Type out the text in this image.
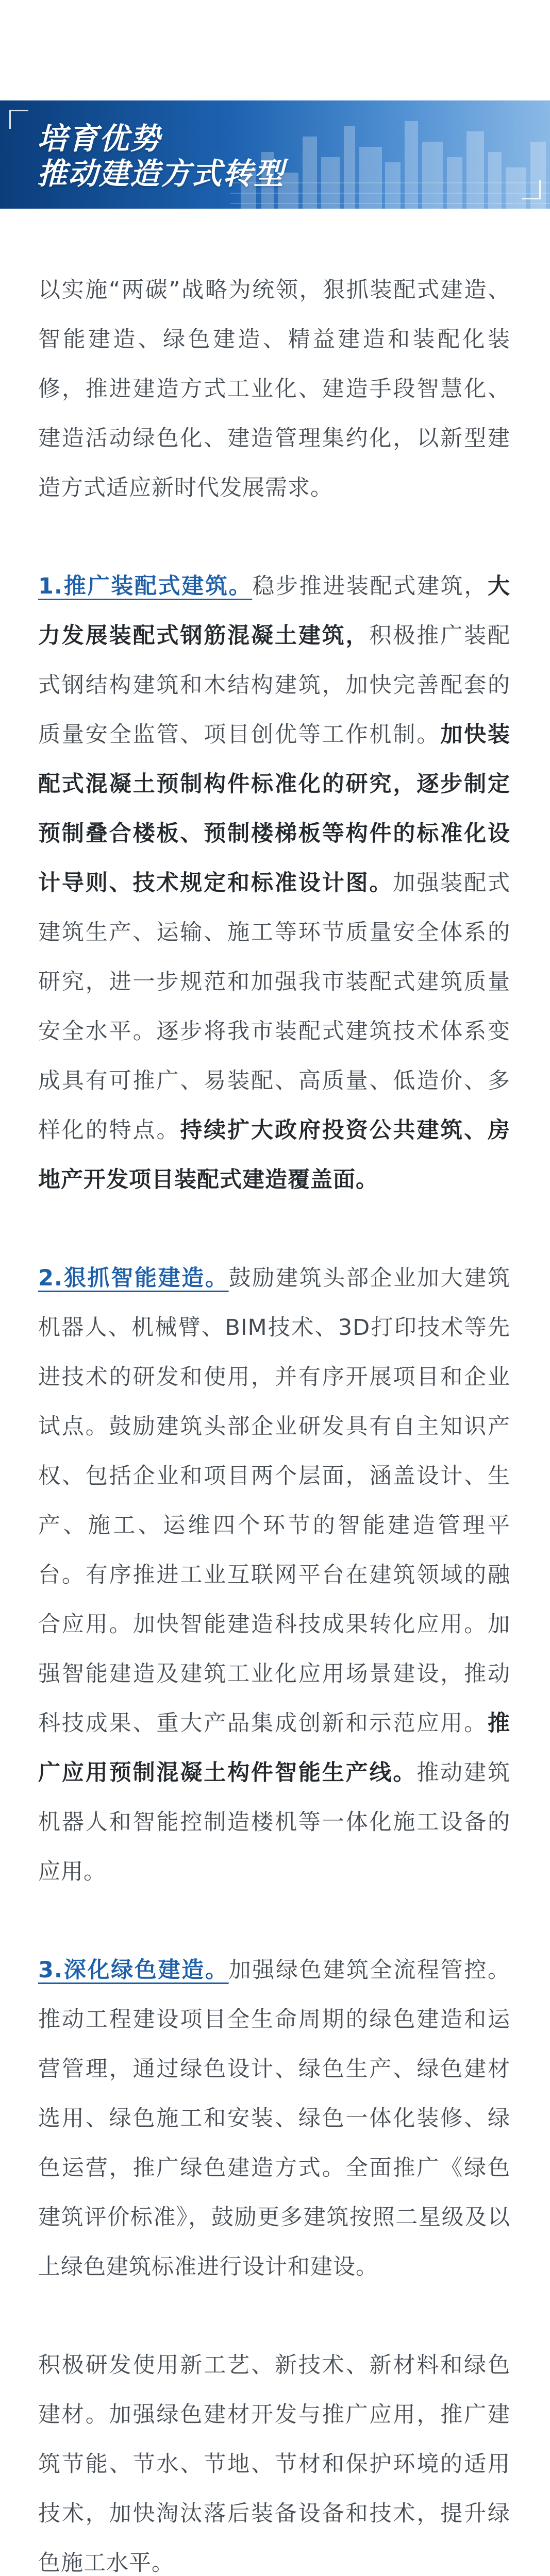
培育优势
推动建造方式转型

以实施“两碳”战略为统领，狠抓装配式建造、智能建造、绿色建造、精益建造和装配化装修，推进建造方式工业化、建造手段智慧化、建造活动绿色化、建造管理集约化，以新型建造方式适应新时代发展需求。

1.推广装配式建筑。稳步推进装配式建筑，大力发展装配式钢筋混凝土建筑，积极推广装配式钢结构建筑和木结构建筑，加快完善配套的质量安全监管、项目创优等工作机制。加快装配式混凝土预制构件标准化的研究，逐步制定预制叠合楼板、预制楼梯板等构件的标准化设计导则、技术规定和标准设计图。加强装配式建筑生产、运输、施工等环节质量安全体系的研究，进一步规范和加强我市装配式建筑质量安全水平。逐步将我市装配式建筑技术体系变成具有可推广、易装配、高质量、低造价、多样化的特点。持续扩大政府投资公共建筑、房地产开发项目装配式建造覆盖面。

2.狠抓智能建造。鼓励建筑头部企业加大建筑机器人、机械臂、BIM技术、3D打印技术等先进技术的研发和使用，并有序开展项目和企业试点。鼓励建筑头部企业研发具有自主知识产权、包括企业和项目两个层面，涵盖设计、生产、施工、运维四个环节的智能建造管理平台。有序推进工业互联网平台在建筑领域的融合应用。加快智能建造科技成果转化应用。加强智能建造及建筑工业化应用场景建设，推动科技成果、重大产品集成创新和示范应用。推广应用预制混凝土构件智能生产线。推动建筑机器人和智能控制造楼机等一体化施工设备的应用。

3.深化绿色建造。加强绿色建筑全流程管控。推动工程建设项目全生命周期的绿色建造和运营管理，通过绿色设计、绿色生产、绿色建材选用、绿色施工和安装、绿色一体化装修、绿色运营，推广绿色建造方式。全面推广《绿色建筑评价标准》，鼓励更多建筑按照二星级及以上绿色建筑标准进行设计和建设。

积极研发使用新工艺、新技术、新材料和绿色建材。加强绿色建材开发与推广应用，推广建筑节能、节水、节地、节材和保护环境的适用技术，加快淘汰落后装备设备和技术，提升绿色施工水平。
